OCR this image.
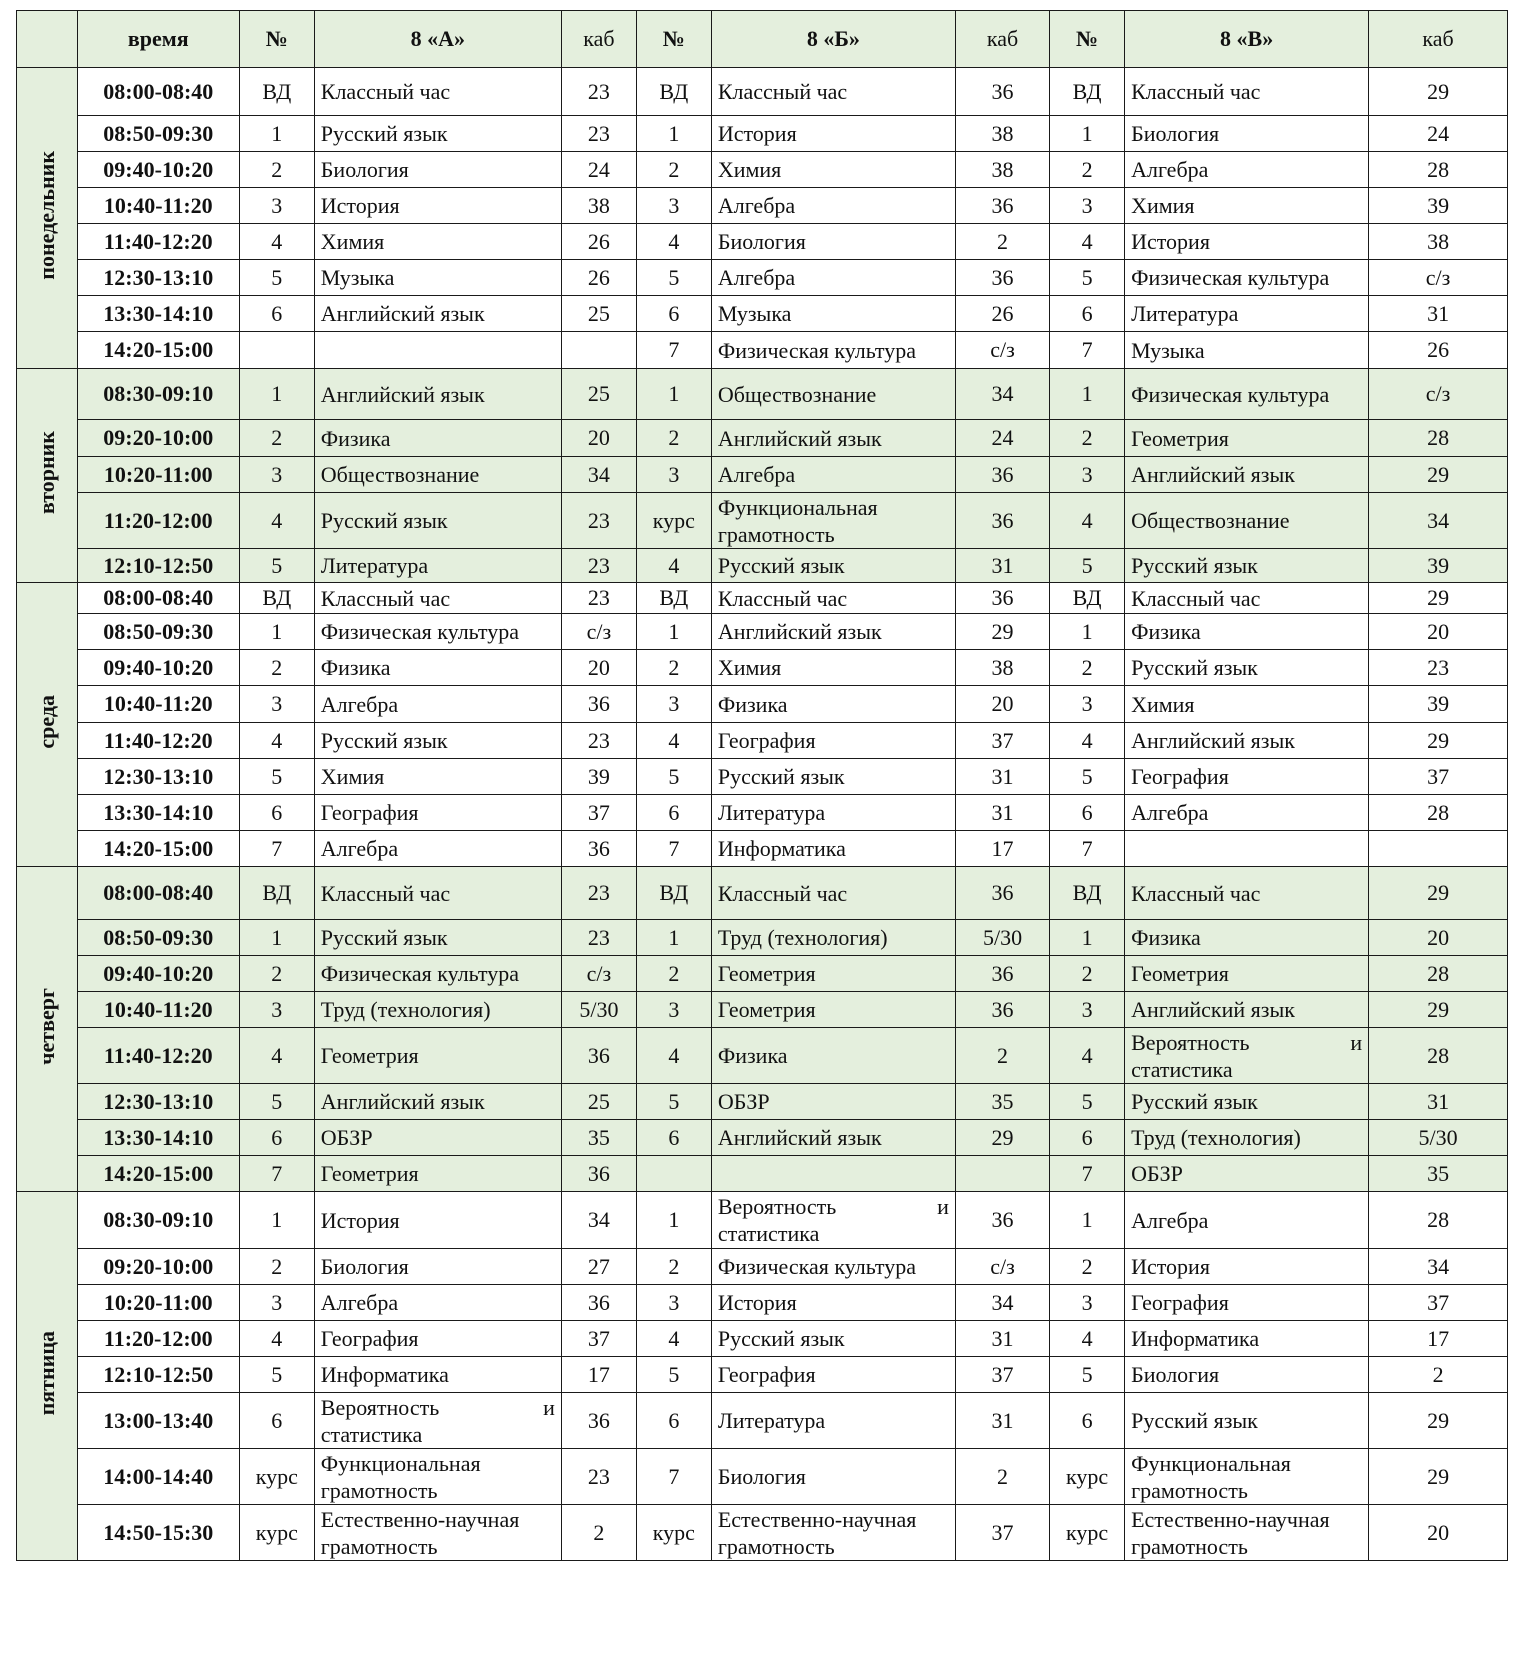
	время	№	8 «А»	каб	№	8 «Б»	каб	№	8 «В»	каб
понедельник	08:00-08:40	ВД	Классный час	23	ВД	Классный час	36	ВД	Классный час	29
	08:50-09:30	1	Русский язык	23	1	История	38	1	Биология	24
	09:40-10:20	2	Биология	24	2	Химия	38	2	Алгебра	28
	10:40-11:20	3	История	38	3	Алгебра	36	3	Химия	39
	11:40-12:20	4	Химия	26	4	Биология	2	4	История	38
	12:30-13:10	5	Музыка	26	5	Алгебра	36	5	Физическая культура	с/з
	13:30-14:10	6	Английский язык	25	6	Музыка	26	6	Литература	31
	14:20-15:00				7	Физическая культура	с/з	7	Музыка	26
вторник	08:30-09:10	1	Английский язык	25	1	Обществознание	34	1	Физическая культура	с/з
	09:20-10:00	2	Физика	20	2	Английский язык	24	2	Геометрия	28
	10:20-11:00	3	Обществознание	34	3	Алгебра	36	3	Английский язык	29
	11:20-12:00	4	Русский язык	23	курс	Функциональная грамотность	36	4	Обществознание	34
	12:10-12:50	5	Литература	23	4	Русский язык	31	5	Русский язык	39
среда	08:00-08:40	ВД	Классный час	23	ВД	Классный час	36	ВД	Классный час	29
	08:50-09:30	1	Физическая культура	с/з	1	Английский язык	29	1	Физика	20
	09:40-10:20	2	Физика	20	2	Химия	38	2	Русский язык	23
	10:40-11:20	3	Алгебра	36	3	Физика	20	3	Химия	39
	11:40-12:20	4	Русский язык	23	4	География	37	4	Английский язык	29
	12:30-13:10	5	Химия	39	5	Русский язык	31	5	География	37
	13:30-14:10	6	География	37	6	Литература	31	6	Алгебра	28
	14:20-15:00	7	Алгебра	36	7	Информатика	17	7	

четверг	08:00-08:40	ВД	Классный час	23	ВД	Классный час	36	ВД	Классный час	29
	08:50-09:30	1	Русский язык	23	1	Труд (технология)	5/30	1	Физика	20
	09:40-10:20	2	Физическая культура	с/з	2	Геометрия	36	2	Геометрия	28
	10:40-11:20	3	Труд (технология)	5/30	3	Геометрия	36	3	Английский язык	29
	11:40-12:20	4	Геометрия	36	4	Физика	2	4	Вероятность и статистика	28
	12:30-13:10	5	Английский язык	25	5	ОБЗР	35	5	Русский язык	31
	13:30-14:10	6	ОБЗР	35	6	Английский язык	29	6	Труд (технология)	5/30
	14:20-15:00	7	Геометрия	36				7	ОБЗР	35
пятница	08:30-09:10	1	История	34	1	Вероятность и статистика	36	1	Алгебра	28
	09:20-10:00	2	Биология	27	2	Физическая культура	с/з	2	История	34
	10:20-11:00	3	Алгебра	36	3	История	34	3	География	37
	11:20-12:00	4	География	37	4	Русский язык	31	4	Информатика	17
	12:10-12:50	5	Информатика	17	5	География	37	5	Биология	2
	13:00-13:40	6	Вероятность и статистика	36	6	Литература	31	6	Русский язык	29
	14:00-14:40	курс	Функциональная грамотность	23	7	Биология	2	курс	Функциональная грамотность	29
	14:50-15:30	курс	Естественно-научная грамотность	2	курс	Естественно-научная грамотность	37	курс	Естественно-научная грамотность	20
